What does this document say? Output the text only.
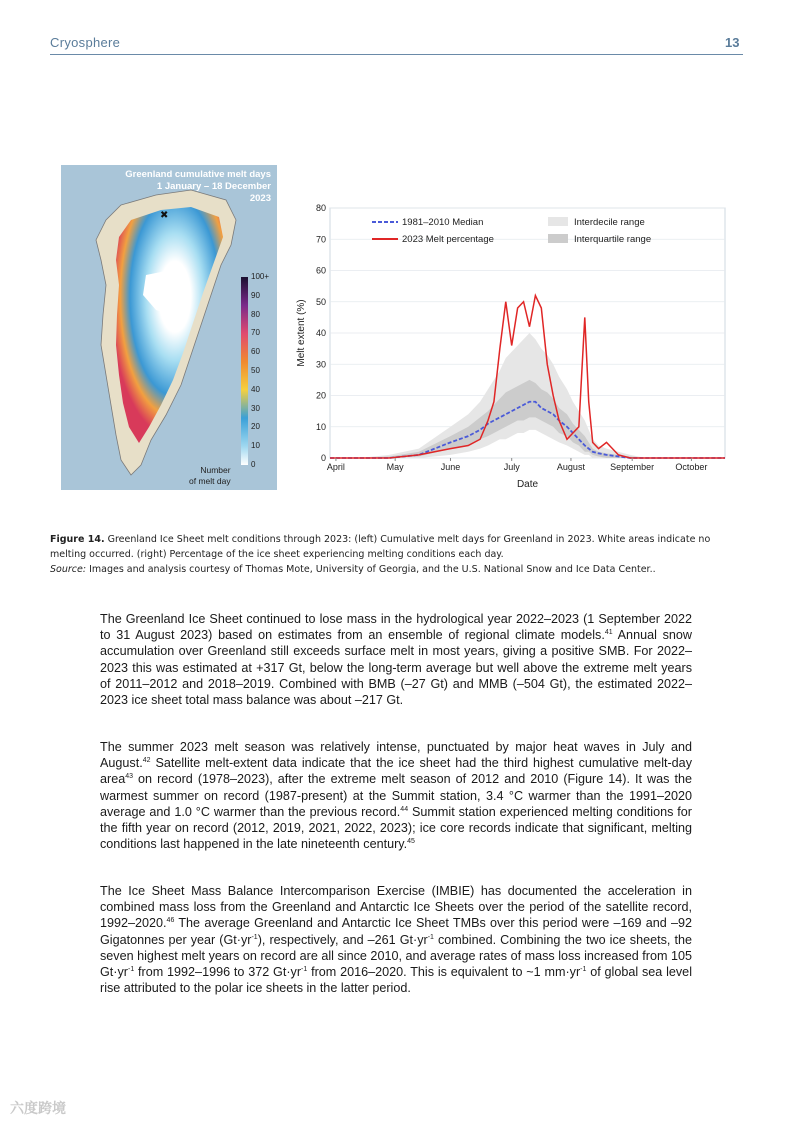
Cryosphere	13
✖
Greenland cumulative melt days
1 January – 18 December
2023
100+
90
80
70
60
50
40
30
20
10
0
Number
of melt day
0
10
20
30
40
50
60
70
80
April	May	June	July	August	September October
Date
Melt extent (%)
1981–2010 Median
2023 Melt percentage
Interdecile range
Interquartile range
Figure 14. Greenland Ice Sheet melt conditions through 2023: (left) Cumulative melt days for Greenland in 2023. White areas indicate no melting occurred. (right) Percentage of the ice sheet experiencing melting conditions each day.
Source: Images and analysis courtesy of Thomas Mote, University of Georgia, and the U.S. National Snow and Ice Data Center..
The Greenland Ice Sheet continued to lose mass in the hydrological year 2022–2023 (1 September 2022 to 31 August 2023) based on estimates from an ensemble of regional climate models.$^{41}$ Annual snow accumulation over Greenland still exceeds surface melt in most years, giving a positive SMB. For 2022–2023 this was estimated at +317 Gt, below the long-term average but well above the extreme melt years of 2011–2012 and 2018–2019. Combined with BMB (–27 Gt) and MMB (–504 Gt), the estimated 2022–2023 ice sheet total mass balance was about –217 Gt.
The summer 2023 melt season was relatively intense, punctuated by major heat waves in July and August.$^{42}$ Satellite melt-extent data indicate that the ice sheet had the third highest cumulative melt-day area$^{43}$ on record (1978–2023), after the extreme melt season of 2012 and 2010 (Figure 14). It was the warmest summer on record (1987-present) at the Summit station, 3.4 °C warmer than the 1991–2020 average and 1.0 °C warmer than the previous record.$^{44}$ Summit station experienced melting conditions for the fifth year on record (2012, 2019, 2021, 2022, 2023); ice core records indicate that significant, melting conditions last happened in the late nineteenth century.$^{45}$
The Ice Sheet Mass Balance Intercomparison Exercise (IMBIE) has documented the acceleration in combined mass loss from the Greenland and Antarctic Ice Sheets over the period of the satellite record, 1992–2020.46 The average Greenland and Antarctic Ice Sheet TMBs over this period were –169 and –92 Gigatonnes per year $(Gt\cdot yr^{-1})$, respectively, and –261 $Gt\cdot yr^{-1}$ combined. Combining the two ice sheets, the seven highest melt years on record are all since 2010, and average rates of mass loss increased from 105 $Gt\cdot yr^{-1}$ from 1992–1996 to 372 $Gt\cdot yr^{-1}$ from 2016–2020. This is equivalent to ~1 $mm\cdot yr^{-1}$ of global sea level rise attributed to the polar ice sheets in the latter period.
六度跨境
